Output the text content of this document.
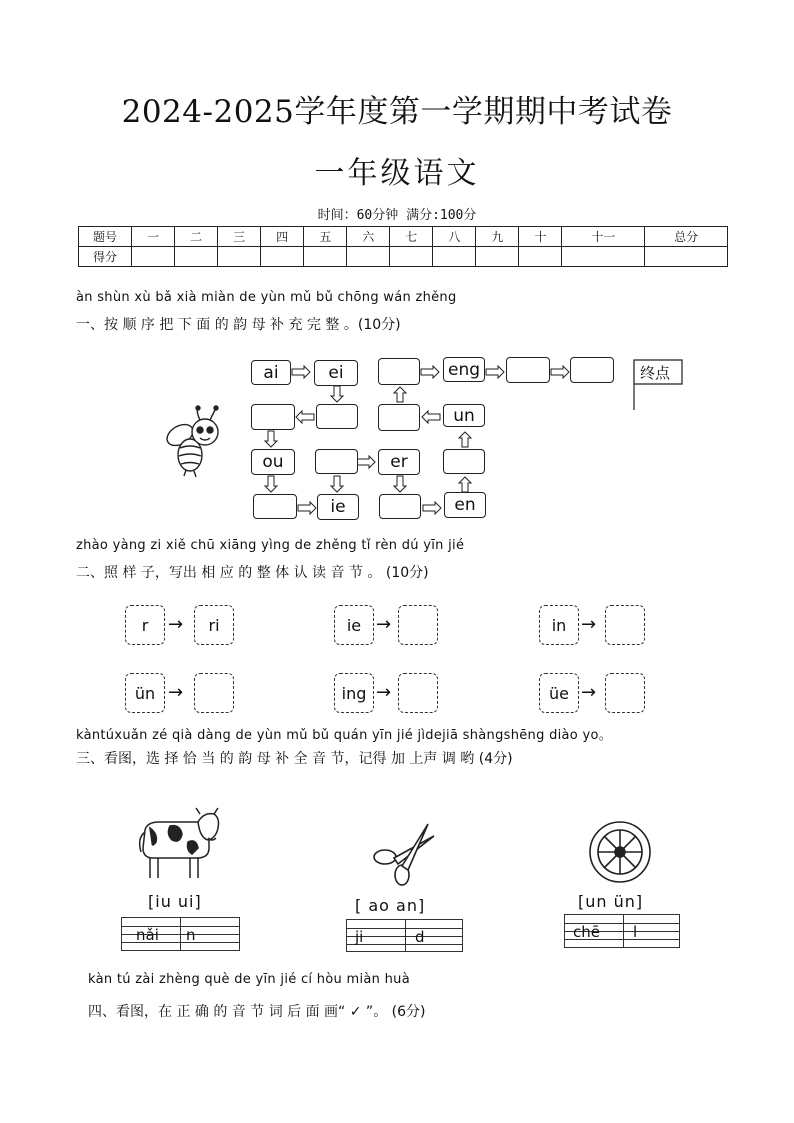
2024-2025学年度第一学期期中考试卷
一年级语文
时间：60分钟 满分:100分
题号	一	二	三	四	五	六	七	八	九	十	十一	总分
得分												
àn shùn xù bǎ xià miàn de yùn mǔ bǔ chōng wán zhěng
一、按 顺 序 把 下 面 的 韵 母 补 充 完 整 。(10分)
终点
ai	ei	eng
un
ou	er
ie	en
zhào yàng zi xiě chū xiāng yìng de zhěng tǐ rèn dú yīn jié
二、照 样 子，写出 相 应 的 整 体 认 读 音 节 。 (10分)
r	→	ri	ie →	in →
ün →	ing →	üe →
kàntúxuǎn zé qià dàng de yùn mǔ bǔ quán yīn jié jìdejiā shàngshēng diào yo。
三、看图，选 择 恰 当 的 韵 母 补 全 音 节，记得 加 上声 调 哟 (4分)
[iu ui]
nǎi n
[ ao an]
ji	d
[un ün]
chē l
kàn tú zài zhèng què de yīn jié cí hòu miàn huà
四、看图，在 正 确 的 音 节 词 后 面 画“ ✓ ”。 (6分)
